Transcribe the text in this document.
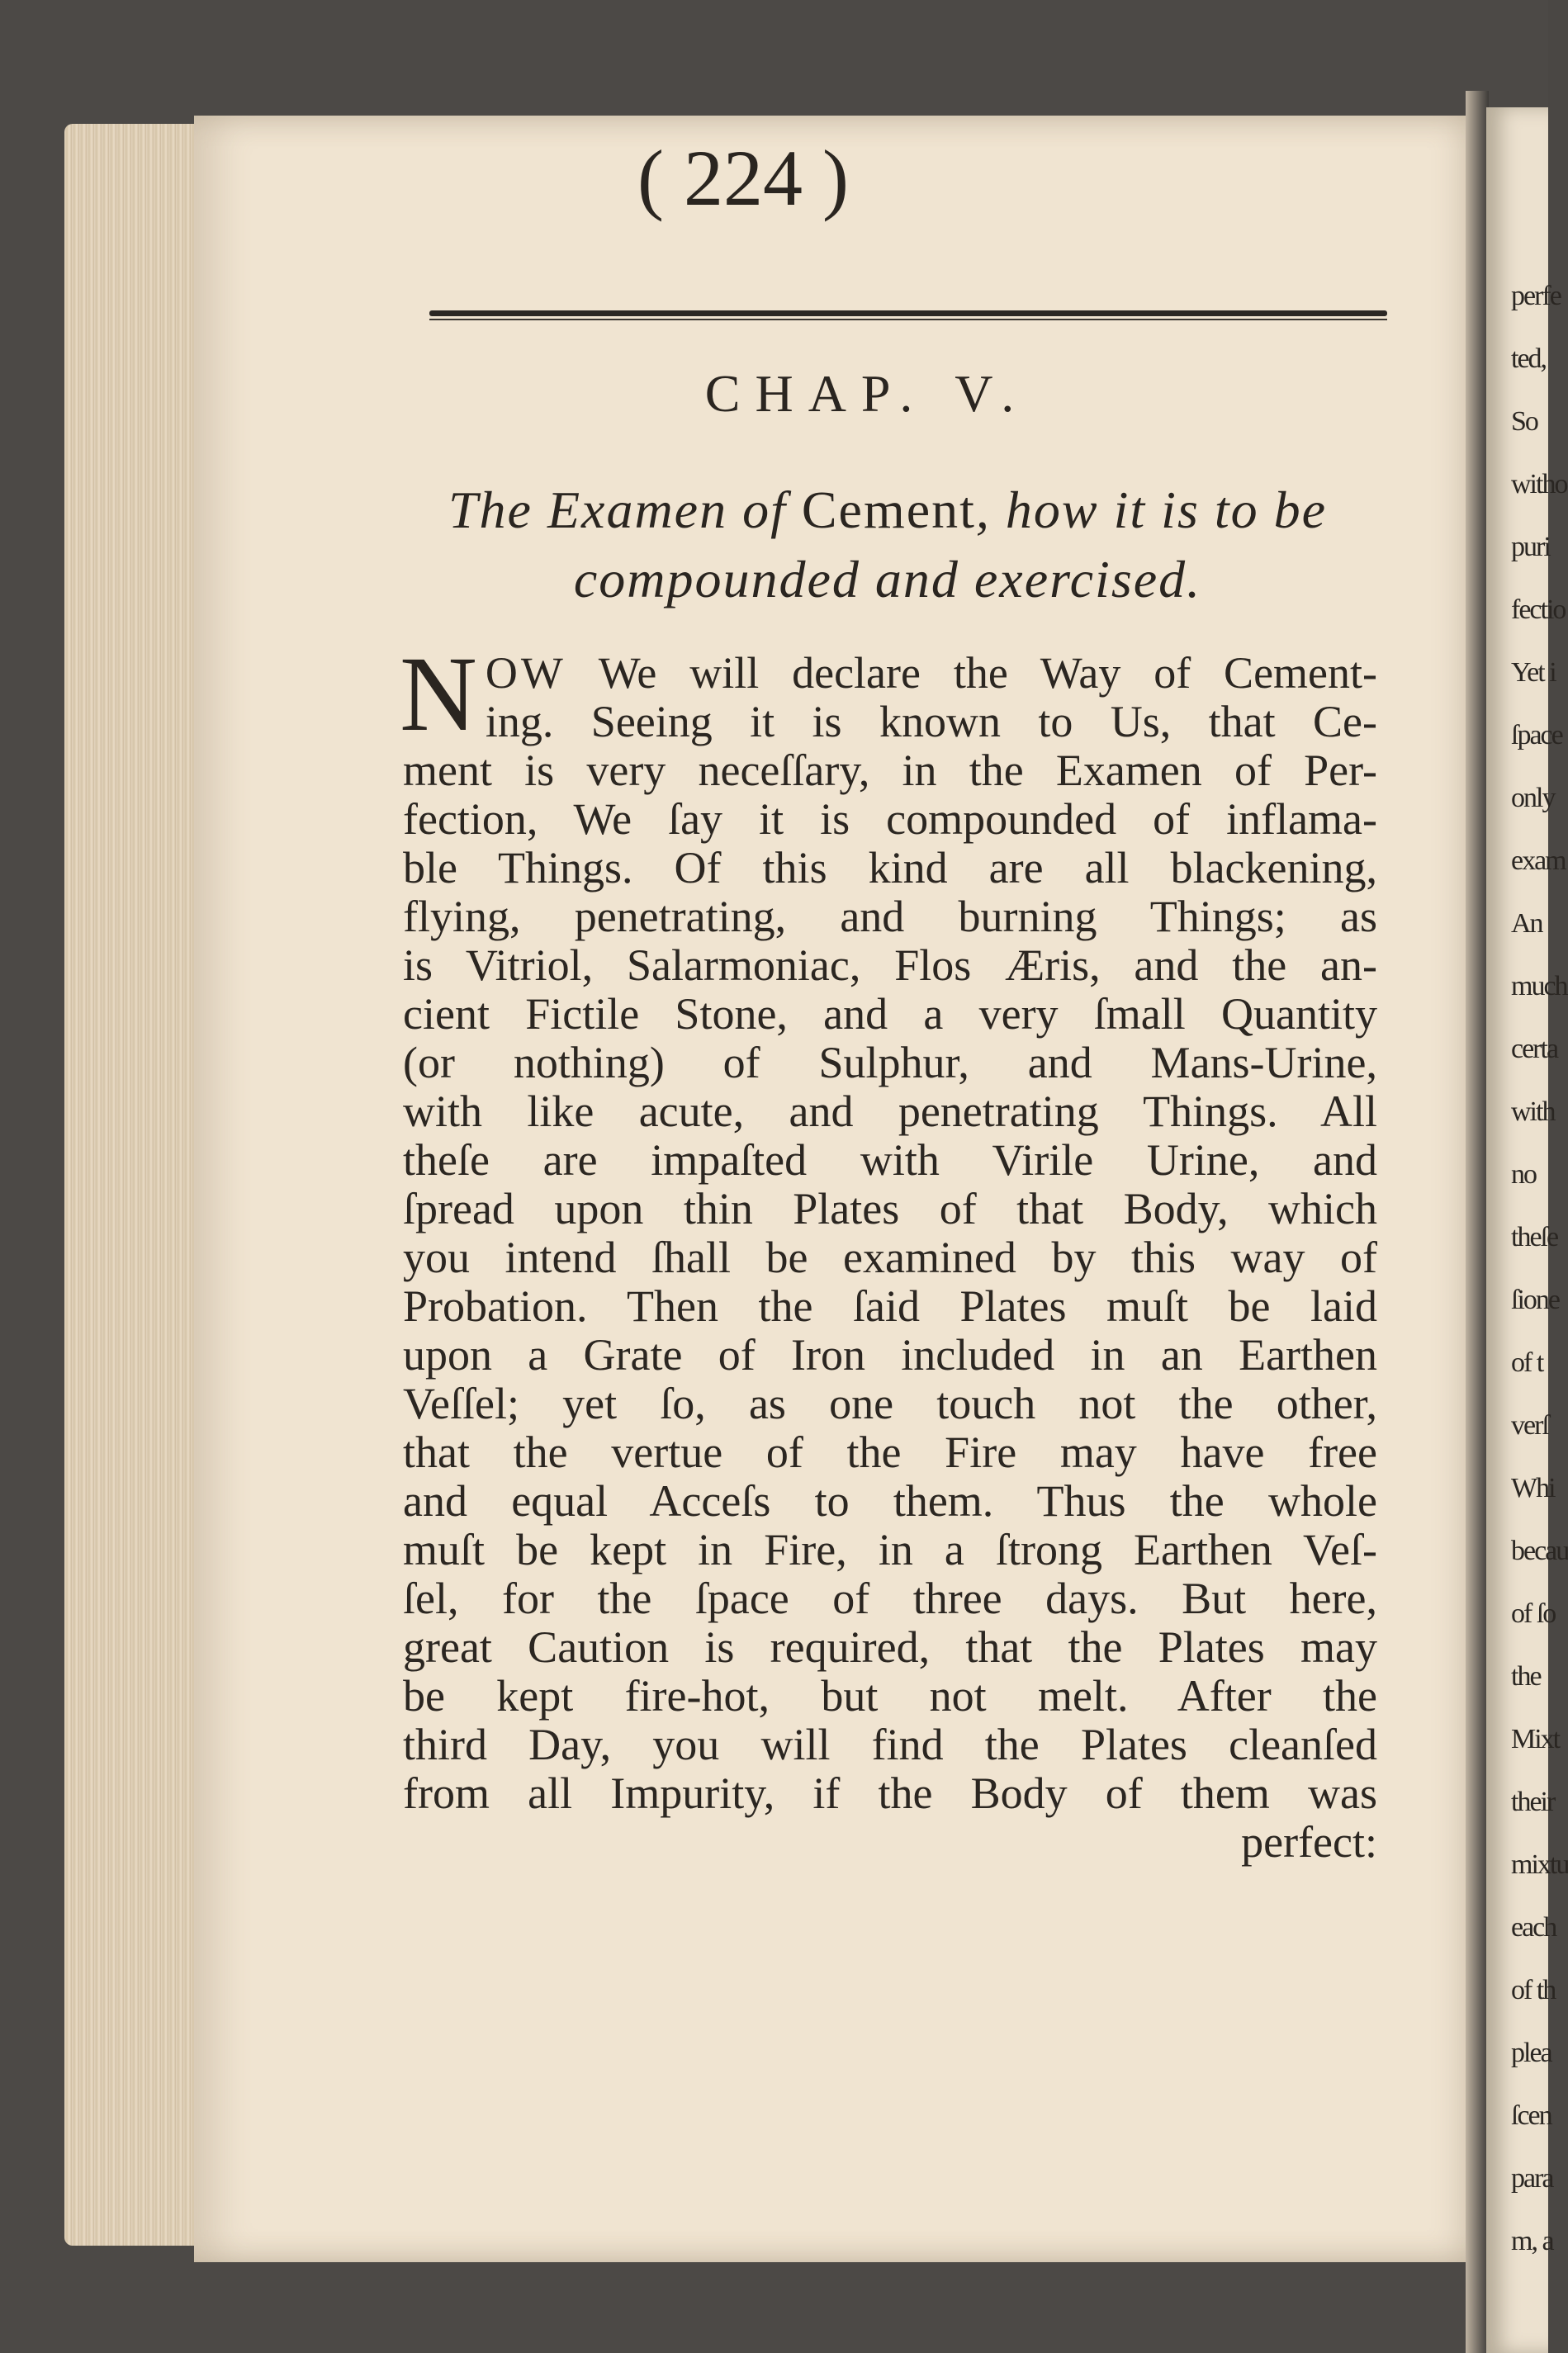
perfe
ted,
So
witho
puri
fectio
Yet i
ſpace
only
exam
An
much
certa
with
no
theſe
ſione
of t
verſ
Whi
becau
of ſo
the
Mixt
their
mixtu
each
of th
plea
ſcen
para
m, a
( 224 )
CHAP. V.
The Examen of Cement, how it is to be compounded and exercised.
N OW We will declare the Way of Cement-
ing. Seeing it is known to Us, that Ce-
ment is very neceſſary, in the Examen of Per-
fection, We ſay it is compounded of inflama-
ble Things. Of this kind are all blackening,
flying, penetrating, and burning Things; as
is Vitriol, Salarmoniac, Flos Æris, and the an-
cient Fictile Stone, and a very ſmall Quantity
(or nothing) of Sulphur, and Mans-Urine,
with like acute, and penetrating Things. All
theſe are impaſted with Virile Urine, and
ſpread upon thin Plates of that Body, which
you intend ſhall be examined by this way of
Probation. Then the ſaid Plates muſt be laid
upon a Grate of Iron included in an Earthen
Veſſel; yet ſo, as one touch not the other,
that the vertue of the Fire may have free
and equal Acceſs to them. Thus the whole
muſt be kept in Fire, in a ſtrong Earthen Veſ-
ſel, for the ſpace of three days. But here,
great Caution is required, that the Plates may
be kept fire-hot, but not melt. After the
third Day, you will find the Plates cleanſed
from all Impurity, if the Body of them was
perfect:
